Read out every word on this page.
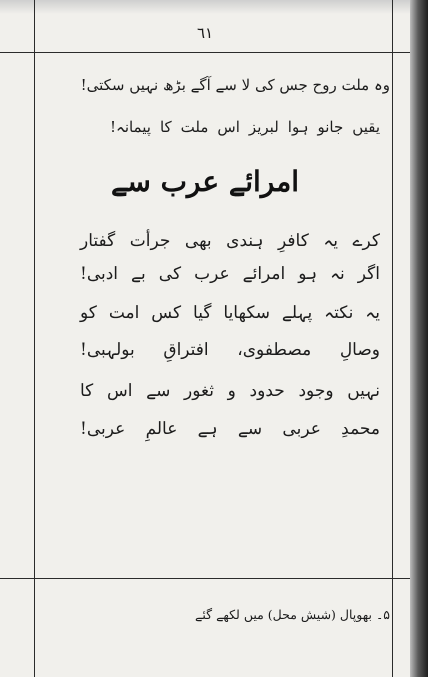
٦١
وہ ملت روح جس کی لا سے آگے بڑھ نہیں سکتی!
یقیں جانو ہوا لبریز اس ملت کا پیمانہ!
امرائے عرب سے
کرے یہ کافرِ ہندی بھی جرأت گفتار
اگر نہ ہو امرائے عرب کی بے ادبی!
یہ نکتہ پہلے سکھایا گیا کس امت کو
وصالِ مصطفوی، افتراقِ بولہبی!
نہیں وجود حدود و ثغور سے اس کا
محمدِ عربی سے ہے عالمِ عربی!
۵۔ بھوپال (شیش محل) میں لکھے گئے
